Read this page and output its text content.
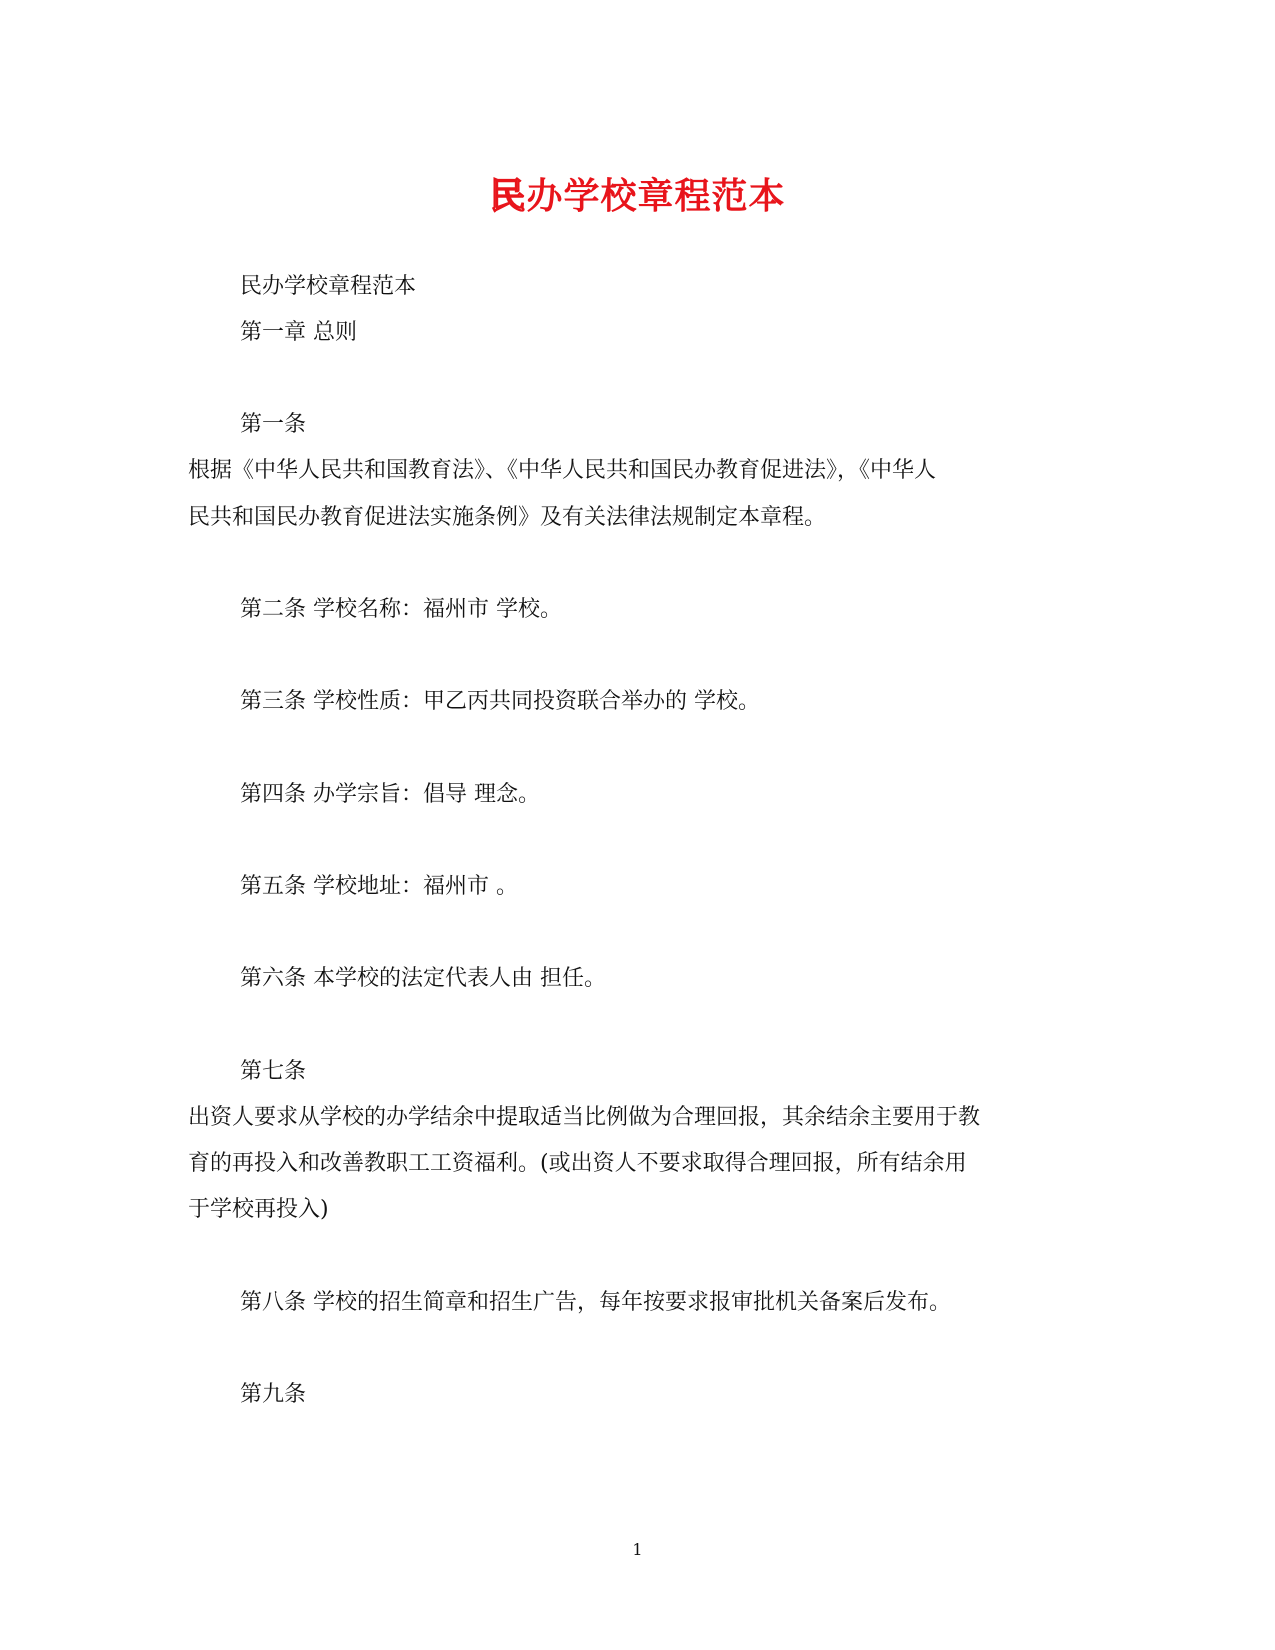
民办学校章程范本
民办学校章程范本
第一章 总则
第一条
根据《中华人民共和国教育法》、《中华人民共和国民办教育促进法》，《中华人
民共和国民办教育促进法实施条例》及有关法律法规制定本章程。
第二条 学校名称：福州市 学校。
第三条 学校性质：甲乙丙共同投资联合举办的 学校。
第四条 办学宗旨：倡导 理念。
第五条 学校地址：福州市 。
第六条 本学校的法定代表人由 担任。
第七条
出资人要求从学校的办学结余中提取适当比例做为合理回报，其余结余主要用于教
育的再投入和改善教职工工资福利。(或出资人不要求取得合理回报，所有结余用
于学校再投入)
第八条 学校的招生简章和招生广告，每年按要求报审批机关备案后发布。
第九条
1
